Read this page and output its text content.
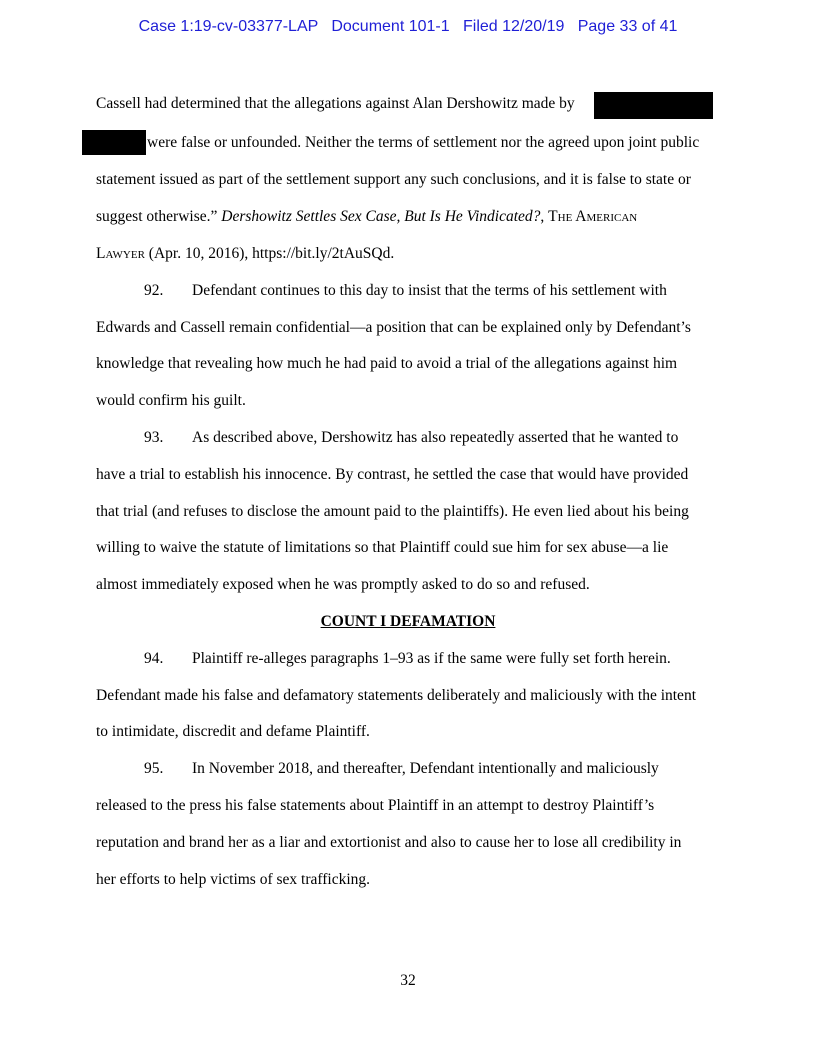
Case 1:19-cv-03377-LAP Document 101-1 Filed 12/20/19 Page 33 of 41
Cassell had determined that the allegations against Alan Dershowitz made by
were false or unfounded. Neither the terms of settlement nor the agreed upon joint public
statement issued as part of the settlement support any such conclusions, and it is false to state or
suggest otherwise.” Dershowitz Settles Sex Case, But Is He Vindicated?, The American
Lawyer (Apr. 10, 2016), https://bit.ly/2tAuSQd.
92. Defendant continues to this day to insist that the terms of his settlement with
Edwards and Cassell remain confidential—a position that can be explained only by Defendant’s
knowledge that revealing how much he had paid to avoid a trial of the allegations against him
would confirm his guilt.
93. As described above, Dershowitz has also repeatedly asserted that he wanted to
have a trial to establish his innocence. By contrast, he settled the case that would have provided
that trial (and refuses to disclose the amount paid to the plaintiffs). He even lied about his being
willing to waive the statute of limitations so that Plaintiff could sue him for sex abuse—a lie
almost immediately exposed when he was promptly asked to do so and refused.
COUNT I DEFAMATION
94. Plaintiff re-alleges paragraphs 1–93 as if the same were fully set forth herein.
Defendant made his false and defamatory statements deliberately and maliciously with the intent
to intimidate, discredit and defame Plaintiff.
95. In November 2018, and thereafter, Defendant intentionally and maliciously
released to the press his false statements about Plaintiff in an attempt to destroy Plaintiff’s
reputation and brand her as a liar and extortionist and also to cause her to lose all credibility in
her efforts to help victims of sex trafficking.
32
